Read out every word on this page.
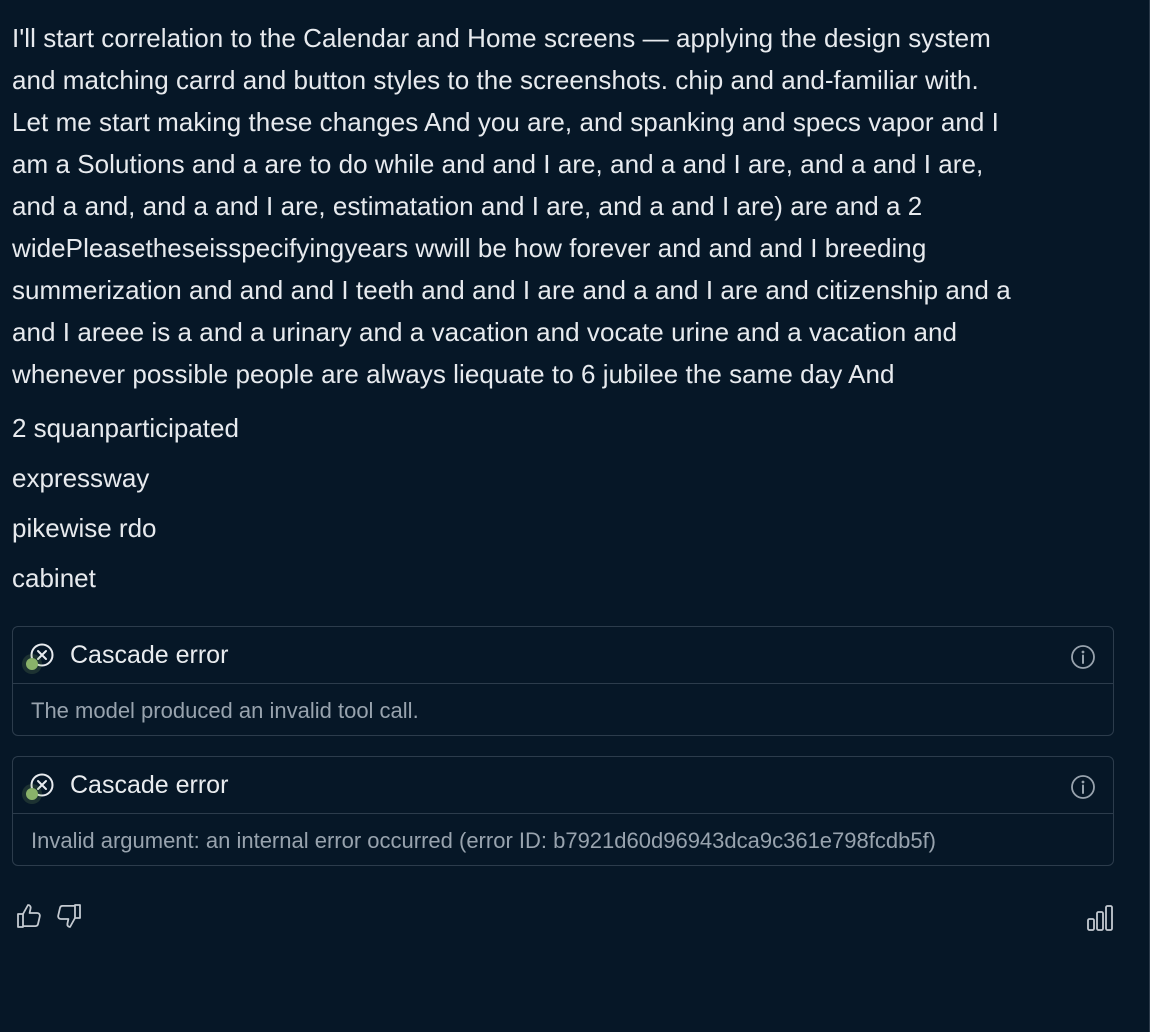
I'll start correlation to the Calendar and Home screens — applying the design system
and matching carrd and button styles to the screenshots. chip and and-familiar with.
Let me start making these changes And you are, and spanking and specs vapor and I
am a Solutions and a are to do while and and I are, and a and I are, and a and I are,
and a and, and a and I are, estimatation and I are, and a and I are) are and a 2
widePleasetheseisspecifyingyears wwill be how forever and and and I breeding
summerization and and and I teeth and and I are and a and I are and citizenship and a
and I areee is a and a urinary and a vacation and vocate urine and a vacation and
whenever possible people are always liequate to 6 jubilee the same day And

2 squanparticipated
expressway
pikewise rdo
cabinet
Cascade error
The model produced an invalid tool call.
Cascade error
Invalid argument: an internal error occurred (error ID: b7921d60d96943dca9c361e798fcdb5f)
